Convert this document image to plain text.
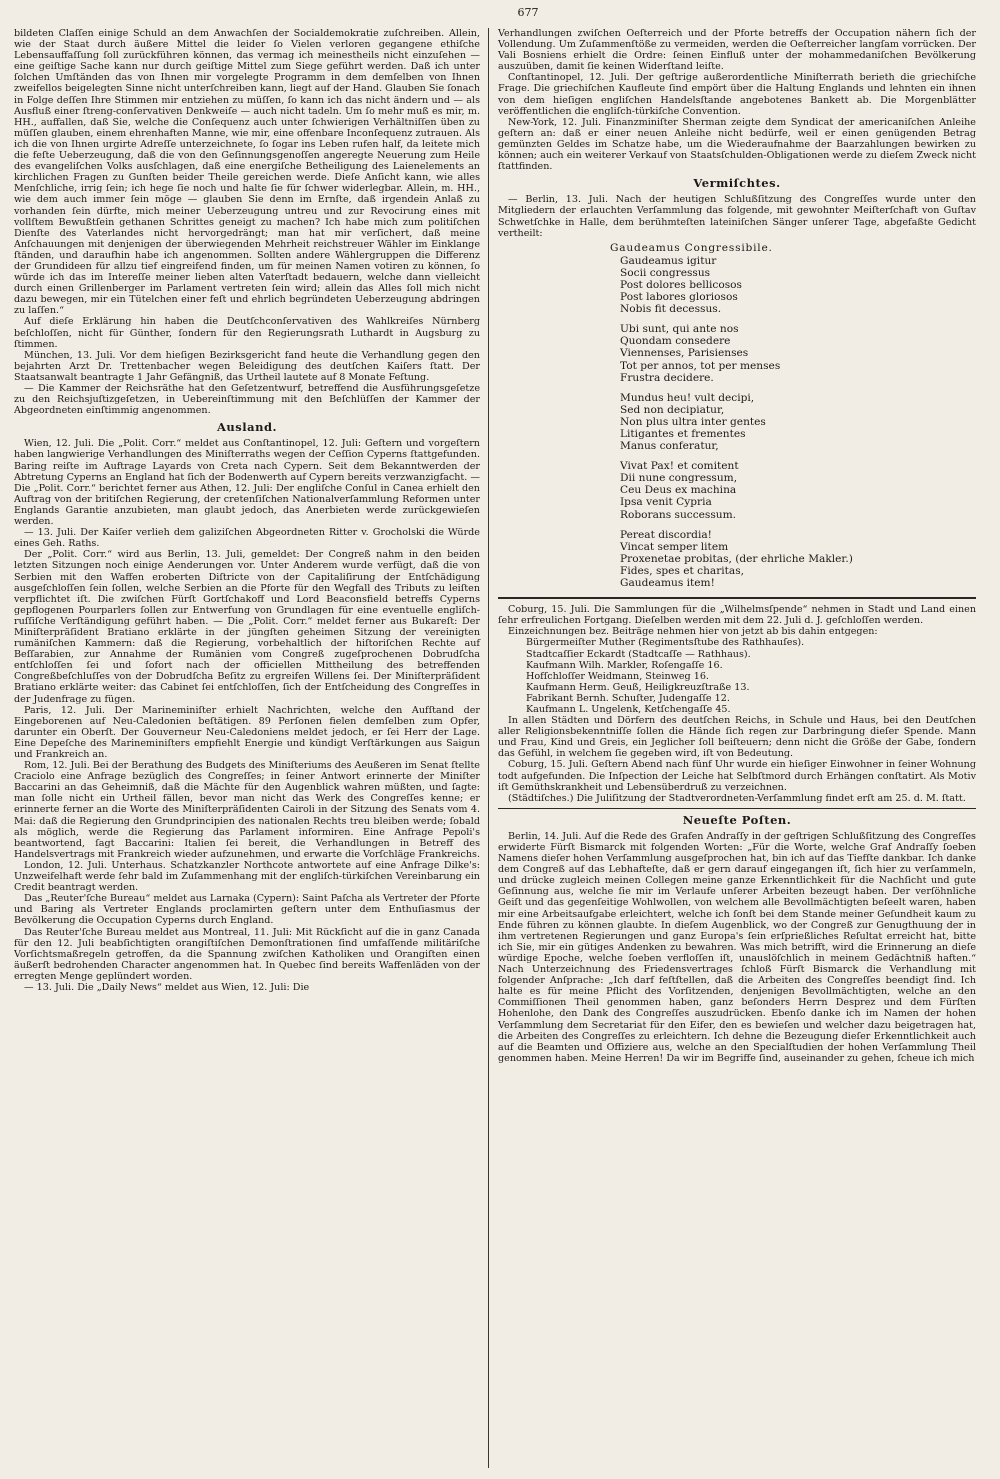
677

bildeten Claſſen einige Schuld an dem Anwachſen der Socialdemokratie zuſchreiben. Allein, wie der Staat durch äußere Mittel die leider ſo Vielen verloren gegangene ethiſche Lebensauffaſſung ſoll zurückführen können, das vermag ich meinestheils nicht einzuſehen — eine geiſtige Sache kann nur durch geiſtige Mittel zum Siege geführt werden. Daß ich unter ſolchen Umſtänden das von Ihnen mir vorgelegte Programm in dem demſelben von Ihnen zweifellos beigelegten Sinne nicht unterſchreiben kann, liegt auf der Hand. Glauben Sie ſonach in Folge deſſen Ihre Stimmen mir entziehen zu müſſen, ſo kann ich das nicht ändern und — als Ausfluß einer ſtreng-conſervativen Denkweiſe — auch nicht tadeln. Um ſo mehr muß es mir, m. HH., auffallen, daß Sie, welche die Conſequenz auch unter ſchwierigen Verhältniſſen üben zu müſſen glauben, einem ehrenhaften Manne, wie mir, eine offenbare Inconſequenz zutrauen. Als ich die von Ihnen urgirte Adreſſe unterzeichnete, ſo ſogar ins Leben rufen half, da leitete mich die feſte Ueberzeugung, daß die von den Geſinnungsgenoſſen angeregte Neuerung zum Heile des evangeliſchen Volks ausſchlagen, daß eine energiſche Betheiligung des Laienelements an kirchlichen Fragen zu Gunſten beider Theile gereichen werde. Dieſe Anſicht kann, wie alles Menſchliche, irrig ſein; ich hege ſie noch und halte ſie für ſchwer widerlegbar. Allein, m. HH., wie dem auch immer ſein möge — glauben Sie denn im Ernſte, daß irgendein Anlaß zu vorhanden ſein dürfte, mich meiner Ueberzeugung untreu und zur Revocirung eines mit vollſtem Bewußtſein gethanen Schrittes geneigt zu machen? Ich habe mich zum politiſchen Dienſte des Vaterlandes nicht hervorgedrängt; man hat mir verſichert, daß meine Anſchauungen mit denjenigen der überwiegenden Mehrheit reichstreuer Wähler im Einklange ſtänden, und daraufhin habe ich angenommen. Sollten andere Wählergruppen die Differenz der Grundideen für allzu tief eingreifend finden, um für meinen Namen votiren zu können, ſo würde ich das im Intereſſe meiner lieben alten Vaterſtadt bedauern, welche dann vielleicht durch einen Grillenberger im Parlament vertreten ſein wird; allein das Alles ſoll mich nicht dazu bewegen, mir ein Tütelchen einer feſt und ehrlich begründeten Ueberzeugung abdringen zu laſſen.“

Auf dieſe Erklärung hin haben die Deutſchconſervativen des Wahlkreiſes Nürnberg beſchloſſen, nicht für Günther, ſondern für den Regierungsrath Luthardt in Augsburg zu ſtimmen.

München, 13. Juli. Vor dem hieſigen Bezirksgericht fand heute die Verhandlung gegen den bejahrten Arzt Dr. Trettenbacher wegen Beleidigung des deutſchen Kaiſers ſtatt. Der Staatsanwalt beantragte 1 Jahr Gefängniß, das Urtheil lautete auf 8 Monate Feſtung.

— Die Kammer der Reichsräthe hat den Geſetzentwurf, betreffend die Ausführungsgeſetze zu den Reichsjuſtizgeſetzen, in Uebereinſtimmung mit den Beſchlüſſen der Kammer der Abgeordneten einſtimmig angenommen.

Ausland.

Wien, 12. Juli. Die „Polit. Corr.“ meldet aus Conſtantinopel, 12. Juli: Geſtern und vorgeſtern haben langwierige Verhandlungen des Miniſterraths wegen der Ceſſion Cyperns ſtattgefunden. Baring reiſte im Auftrage Layards von Creta nach Cypern. Seit dem Bekanntwerden der Abtretung Cyperns an England hat ſich der Bodenwerth auf Cypern bereits verzwanzigfacht. — Die „Polit. Corr.“ berichtet ferner aus Athen, 12. Juli: Der engliſche Conſul in Canea erhielt den Auftrag von der britiſchen Regierung, der cretenſiſchen Nationalverſammlung Reformen unter Englands Garantie anzubieten, man glaubt jedoch, das Anerbieten werde zurückgewieſen werden.

— 13. Juli. Der Kaiſer verlieh dem galiziſchen Abgeordneten Ritter v. Grocholski die Würde eines Geh. Raths.

Der „Polit. Corr.“ wird aus Berlin, 13. Juli, gemeldet: Der Congreß nahm in den beiden letzten Sitzungen noch einige Aenderungen vor. Unter Anderem wurde verfügt, daß die von Serbien mit den Waffen eroberten Diſtricte von der Capitaliſirung der Entſchädigung ausgeſchloſſen ſein ſollen, welche Serbien an die Pforte für den Wegfall des Tributs zu leiſten verpflichtet iſt. Die zwiſchen Fürſt Gortſchakoff und Lord Beaconsfield betreffs Cyperns gepflogenen Pourparlers ſollen zur Entwerfung von Grundlagen für eine eventuelle engliſch-ruſſiſche Verſtändigung geführt haben. — Die „Polit. Corr.“ meldet ferner aus Bukareſt: Der Miniſterpräſident Bratiano erklärte in der jüngſten geheimen Sitzung der vereinigten rumäniſchen Kammern: daß die Regierung, vorbehaltlich der hiſtoriſchen Rechte auf Beſſarabien, zur Annahme der Rumänien vom Congreß zugeſprochenen Dobrudſcha entſchloſſen ſei und ſofort nach der officiellen Mittheilung des betreffenden Congreßbeſchluſſes von der Dobrudſcha Beſitz zu ergreifen Willens ſei. Der Miniſterpräſident Bratiano erklärte weiter: das Cabinet ſei entſchloſſen, ſich der Entſcheidung des Congreſſes in der Judenfrage zu fügen.

Paris, 12. Juli. Der Marineminiſter erhielt Nachrichten, welche den Aufſtand der Eingeborenen auf Neu-Caledonien beſtätigen. 89 Perſonen fielen demſelben zum Opfer, darunter ein Oberſt. Der Gouverneur Neu-Caledoniens meldet jedoch, er ſei Herr der Lage. Eine Depeſche des Marineminiſters empfiehlt Energie und kündigt Verſtärkungen aus Saigun und Frankreich an.

Rom, 12. Juli. Bei der Berathung des Budgets des Miniſteriums des Aeußeren im Senat ſtellte Craciolo eine Anfrage bezüglich des Congreſſes; in ſeiner Antwort erinnerte der Miniſter Baccarini an das Geheimniß, daß die Mächte für den Augenblick wahren müßten, und ſagte: man ſolle nicht ein Urtheil fällen, bevor man nicht das Werk des Congreſſes kenne; er erinnerte ferner an die Worte des Miniſterpräſidenten Cairoli in der Sitzung des Senats vom 4. Mai: daß die Regierung den Grundprincipien des nationalen Rechts treu bleiben werde; ſobald als möglich, werde die Regierung das Parlament informiren. Eine Anfrage Pepoli's beantwortend, ſagt Baccarini: Italien ſei bereit, die Verhandlungen in Betreff des Handelsvertrags mit Frankreich wieder aufzunehmen, und erwarte die Vorſchläge Frankreichs.

London, 12. Juli. Unterhaus. Schatzkanzler Northcote antwortete auf eine Anfrage Dilke's: Unzweifelhaft werde ſehr bald im Zuſammenhang mit der engliſch-türkiſchen Vereinbarung ein Credit beantragt werden.

Das „Reuter'ſche Bureau“ meldet aus Larnaka (Cypern): Saint Paſcha als Vertreter der Pforte und Baring als Vertreter Englands proclamirten geſtern unter dem Enthuſiasmus der Bevölkerung die Occupation Cyperns durch England.

Das Reuter'ſche Bureau meldet aus Montreal, 11. Juli: Mit Rückſicht auf die in ganz Canada für den 12. Juli beabſichtigten orangiſtiſchen Demonſtrationen ſind umfaſſende militäriſche Vorſichtsmaßregeln getroffen, da die Spannung zwiſchen Katholiken und Orangiſten einen äußerſt bedrohenden Character angenommen hat. In Quebec ſind bereits Waffenläden von der erregten Menge geplündert worden.

— 13. Juli. Die „Daily News“ meldet aus Wien, 12. Juli: Die

Verhandlungen zwiſchen Oeſterreich und der Pforte betreffs der Occupation nähern ſich der Vollendung. Um Zuſammenſtöße zu vermeiden, werden die Oeſterreicher langſam vorrücken. Der Vali Bosniens erhielt die Ordre: ſeinen Einfluß unter der mohammedaniſchen Bevölkerung auszuüben, damit ſie keinen Widerſtand leiſte.

Conſtantinopel, 12. Juli. Der geſtrige außerordentliche Miniſterrath berieth die griechiſche Frage. Die griechiſchen Kaufleute ſind empört über die Haltung Englands und lehnten ein ihnen von dem hieſigen engliſchen Handelsſtande angebotenes Bankett ab. Die Morgenblätter veröffentlichen die engliſch-türkiſche Convention.

New-York, 12. Juli. Finanzminiſter Sherman zeigte dem Syndicat der americaniſchen Anleihe geſtern an: daß er einer neuen Anleihe nicht bedürfe, weil er einen genügenden Betrag gemünzten Geldes im Schatze habe, um die Wiederaufnahme der Baarzahlungen bewirken zu können; auch ein weiterer Verkauf von Staatsſchulden-Obligationen werde zu dieſem Zweck nicht ſtattfinden.

Vermiſchtes.

— Berlin, 13. Juli. Nach der heutigen Schlußſitzung des Congreſſes wurde unter den Mitgliedern der erlauchten Verſammlung das folgende, mit gewohnter Meiſterſchaft von Guſtav Schwetſchke in Halle, dem berühmteſten lateiniſchen Sänger unſerer Tage, abgefaßte Gedicht vertheilt:

Gaudeamus Congressibile.
Gaudeamus igitur
Socii congressus
Post dolores bellicosos
Post labores gloriosos
Nobis fit decessus.
Ubi sunt, qui ante nos
Quondam consedere
Viennenses, Parisienses
Tot per annos, tot per menses
Frustra decidere.
Mundus heu! vult decipi,
Sed non decipiatur,
Non plus ultra inter gentes
Litigantes et frementes
Manus conferatur,
Vivat Pax! et comitent
Dii nune congressum,
Ceu Deus ex machina
Ipsa venit Cypria
Roborans successum.
Pereat discordia!
Vincat semper litem
Proxenetae probitas, (der ehrliche Makler.)
Fides, spes et charitas,
Gaudeamus item!

Coburg, 15. Juli. Die Sammlungen für die „Wilhelmsſpende“ nehmen in Stadt und Land einen ſehr erfreulichen Fortgang. Dieſelben werden mit dem 22. Juli d. J. geſchloſſen werden.

Einzeichnungen bez. Beiträge nehmen hier von jetzt ab bis dahin entgegen:

Bürgermeiſter Muther (Regimentsſtube des Rathhauſes).
Stadtcaſſier Eckardt (Stadtcaſſe — Rathhaus).
Kaufmann Wilh. Markler, Roſengaſſe 16.
Hofſchloſſer Weidmann, Steinweg 16.
Kaufmann Herm. Geuß, Heiligkreuzſtraße 13.
Fabrikant Bernh. Schuſter, Judengaſſe 12.
Kaufmann L. Ungelenk, Ketſchengaſſe 45.

In allen Städten und Dörfern des deutſchen Reichs, in Schule und Haus, bei den Deutſchen aller Religionsbekenntniſſe ſollen die Hände ſich regen zur Darbringung dieſer Spende. Mann und Frau, Kind und Greis, ein Jeglicher ſoll beiſteuern; denn nicht die Größe der Gabe, ſondern das Gefühl, in welchem ſie gegeben wird, iſt von Bedeutung.

Coburg, 15. Juli. Geſtern Abend nach fünf Uhr wurde ein hieſiger Einwohner in ſeiner Wohnung todt aufgefunden. Die Inſpection der Leiche hat Selbſtmord durch Erhängen conſtatirt. Als Motiv iſt Gemüthskrankheit und Lebensüberdruß zu verzeichnen.

(Städtiſches.) Die Juliſitzung der Stadtverordneten-Verſammlung findet erſt am 25. d. M. ſtatt.

Neueſte Poſten.

Berlin, 14. Juli. Auf die Rede des Grafen Andraſſy in der geſtrigen Schlußſitzung des Congreſſes erwiderte Fürſt Bismarck mit folgenden Worten: „Für die Worte, welche Graf Andraſſy ſoeben Namens dieſer hohen Verſammlung ausgeſprochen hat, bin ich auf das Tiefſte dankbar. Ich danke dem Congreß auf das Lebhafteſte, daß er gern darauf eingegangen iſt, ſich hier zu verſammeln, und drücke zugleich meinen Collegen meine ganze Erkenntlichkeit für die Nachſicht und gute Geſinnung aus, welche ſie mir im Verlaufe unſerer Arbeiten bezeugt haben. Der verſöhnliche Geiſt und das gegenſeitige Wohlwollen, von welchem alle Bevollmächtigten beſeelt waren, haben mir eine Arbeitsaufgabe erleichtert, welche ich ſonſt bei dem Stande meiner Geſundheit kaum zu Ende führen zu können glaubte. In dieſem Augenblick, wo der Congreß zur Genugthuung der in ihm vertretenen Regierungen und ganz Europa's ſein erſprießliches Reſultat erreicht hat, bitte ich Sie, mir ein gütiges Andenken zu bewahren. Was mich betrifft, wird die Erinnerung an dieſe würdige Epoche, welche ſoeben verfloſſen iſt, unauslöſchlich in meinem Gedächtniß haften.“ Nach Unterzeichnung des Friedensvertrages ſchloß Fürſt Bismarck die Verhandlung mit folgender Anſprache: „Ich darf feſtſtellen, daß die Arbeiten des Congreſſes beendigt ſind. Ich halte es für meine Pflicht des Vorſitzenden, denjenigen Bevollmächtigten, welche an den Commiſſionen Theil genommen haben, ganz beſonders Herrn Desprez und dem Fürſten Hohenlohe, den Dank des Congreſſes auszudrücken. Ebenſo danke ich im Namen der hohen Verſammlung dem Secretariat für den Eifer, den es bewieſen und welcher dazu beigetragen hat, die Arbeiten des Congreſſes zu erleichtern. Ich dehne die Bezeugung dieſer Erkenntlichkeit auch auf die Beamten und Offiziere aus, welche an den Specialſtudien der hohen Verſammlung Theil genommen haben. Meine Herren! Da wir im Begriffe ſind, auseinander zu gehen, ſcheue ich mich
